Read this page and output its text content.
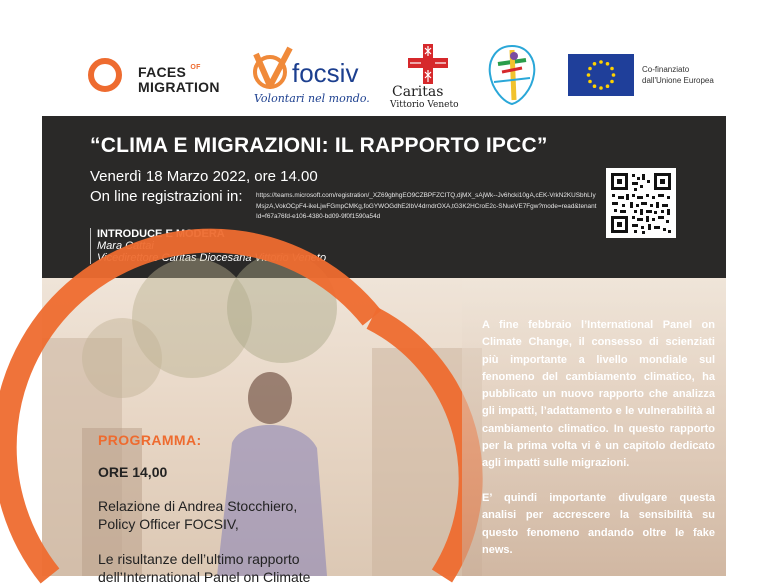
FACES $^{OF}$
MIGRATION	focsiv
Volontari nel mondo. Caritas
Vittorio Veneto
Co-finanziato
dall'Unione Europea
“CLIMA E MIGRAZIONI: IL RAPPORTO IPCC”
Venerdì 18 Marzo 2022, ore 14.00
On line registrazioni in: https://teams.microsoft.com/registration/_XZ69gbhgEO9CZBPFZCITQ,djMX_sAjWk--Jv6hcki10gA,cEK-VrkN2KUSbhLIyMsjzA,VokOCpF4-ikeLjwFGmpCMKg,foGYWOGdhE2lbV4drndrOXA,tG3K2HCroE2c-SNueVE7Fgw?mode=read&tenantId=f67a76fd-e106-4380-bd09-9f0f1590a54d
INTRODUCE E MODERA
Mara Cattai
Vicedirettore Caritas Diocesana Vittorio Veneto

A fine febbraio l’International Panel on Climate Change, il consesso di scienziati più importante a livello mondiale sul fenomeno del cambiamento climatico, ha pubblicato un nuovo rapporto che analizza gli impatti, l’adattamento e le vulnerabilità al cambiamento climatico. In questo rapporto per la prima volta vi è un capitolo dedicato agli impatti sulle migrazioni.

E’ quindi importante divulgare questa analisi per accrescere la sensibilità su questo fenomeno andando oltre le fake news.

PROGRAMMA:
ORE 14,00
Relazione di Andrea Stocchiero,
Policy Officer FOCSIV,
Le risultanze dell’ultimo rapporto
dell’International Panel on Climate
